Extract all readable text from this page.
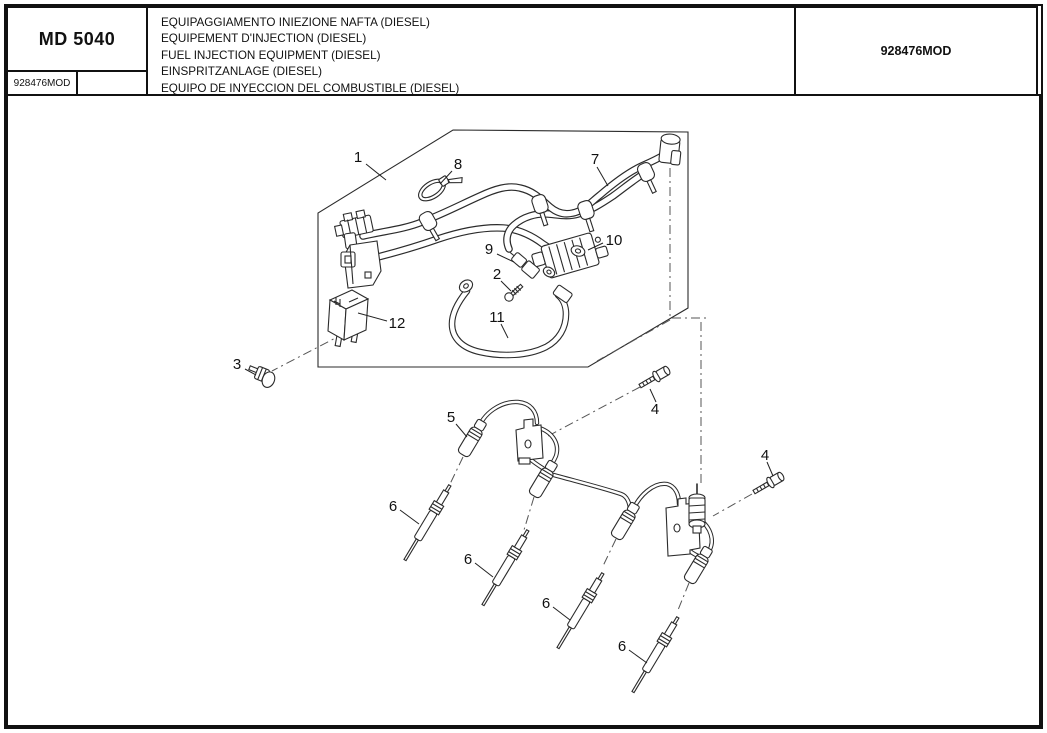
MD 5040
928476MOD
EQUIPAGGIAMENTO INIEZIONE NAFTA (DIESEL)
EQUIPEMENT D'INJECTION (DIESEL)
FUEL INJECTION EQUIPMENT (DIESEL)
EINSPRITZANLAGE (DIESEL)
EQUIPO DE INYECCION DEL COMBUSTIBLE (DIESEL)
928476MOD
1	8	7
10
9
2
11
12
3
5	4
4
6
6
6
6
